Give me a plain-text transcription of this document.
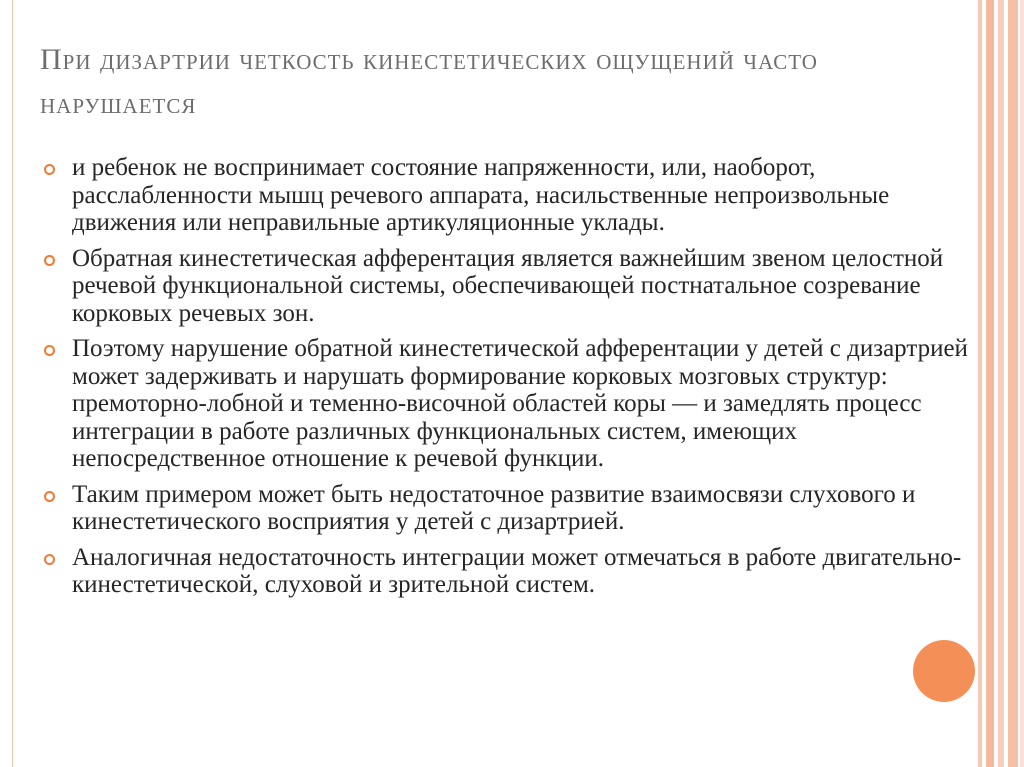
При дизартрии четкость кинестетических ощущений часто нарушается
и ребенок не воспринимает состояние напряженности, или, наоборот, расслабленности мышц речевого аппарата, насильственные непроизвольные движения или неправильные артикуляционные уклады.
Обратная кинестетическая афферентация является важнейшим звеном целостной речевой функциональной системы, обеспечивающей постнатальное созревание корковых речевых зон.
Поэтому нарушение обратной кинестетической афферентации у детей с дизартрией может задерживать и нарушать формирование корковых мозговых структур: премоторно-лобной и теменно-височной областей коры — и замедлять процесс интеграции в работе различных функциональных систем, имеющих непосредственное отношение к речевой функции.
Таким примером может быть недостаточное развитие взаимосвязи слухового и кинестетического восприятия у детей с дизартрией.
Аналогичная недостаточность интеграции может отмечаться в работе двигательно-кинестетической, слуховой и зрительной систем.
